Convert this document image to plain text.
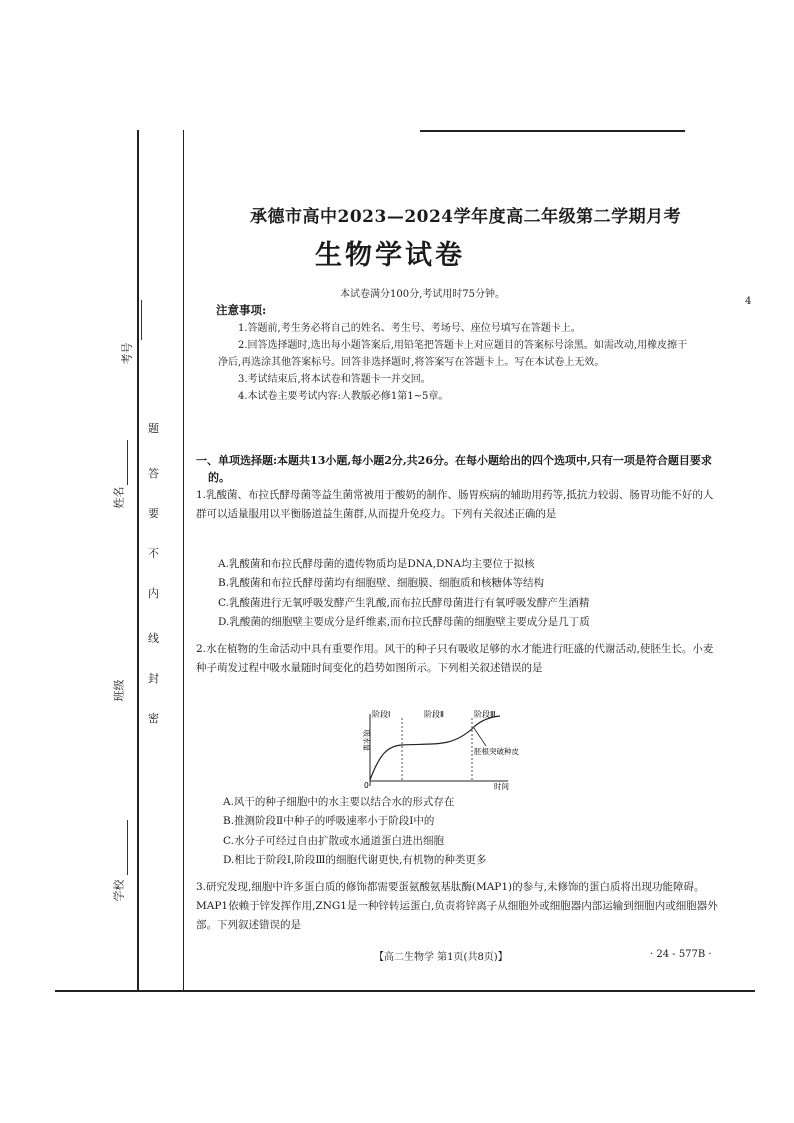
考号
姓名
班级
学校
题
答
要
不
内
线
封
密
承德市高中2023—2024学年度高二年级第二学期月考
生物学试卷
本试卷满分100分,考试用时75分钟。
4
注意事项:

1.答题前,考生务必将自己的姓名、考生号、考场号、座位号填写在答题卡上。

2.回答选择题时,选出每小题答案后,用铅笔把答题卡上对应题目的答案标号涂黑。如需改动,用橡皮擦干净后,再选涂其他答案标号。回答非选择题时,将答案写在答题卡上。写在本试卷上无效。

3.考试结束后,将本试卷和答题卡一并交回。

4.本试卷主要考试内容:人教版必修1第1~5章。

一、单项选择题:本题共13小题,每小题2分,共26分。在每小题给出的四个选项中,只有一项是符合题目要求的。
1.乳酸菌、布拉氏酵母菌等益生菌常被用于酸奶的制作、肠胃疾病的辅助用药等,抵抗力较弱、肠胃功能不好的人群可以适量服用以平衡肠道益生菌群,从而提升免疫力。下列有关叙述正确的是
A.乳酸菌和布拉氏酵母菌的遗传物质均是DNA,DNA均主要位于拟核
B.乳酸菌和布拉氏酵母菌均有细胞壁、细胞膜、细胞质和核糖体等结构
C.乳酸菌进行无氧呼吸发酵产生乳酸,而布拉氏酵母菌进行有氧呼吸发酵产生酒精
D.乳酸菌的细胞壁主要成分是纤维素,而布拉氏酵母菌的细胞壁主要成分是几丁质
2.水在植物的生命活动中具有重要作用。风干的种子只有吸收足够的水才能进行旺盛的代谢活动,使胚生长。小麦种子萌发过程中吸水量随时间变化的趋势如图所示。下列相关叙述错误的是
阶段Ⅰ	阶段Ⅱ	阶段Ⅲ
吸水量
时间
0
胚根突破种皮
A.风干的种子细胞中的水主要以结合水的形式存在
B.推测阶段Ⅱ中种子的呼吸速率小于阶段Ⅰ中的
C.水分子可经过自由扩散或水通道蛋白进出细胞
D.相比于阶段Ⅰ,阶段Ⅲ的细胞代谢更快,有机物的种类更多
3.研究发现,细胞中许多蛋白质的修饰都需要蛋氨酸氨基肽酶(MAP1)的参与,未修饰的蛋白质将出现功能障碍。MAP1依赖于锌发挥作用,ZNG1是一种锌转运蛋白,负责将锌离子从细胞外或细胞器内部运输到细胞内或细胞器外部。下列叙述错误的是
【高二生物学 第1页(共8页)】	· 24 - 577B ·
